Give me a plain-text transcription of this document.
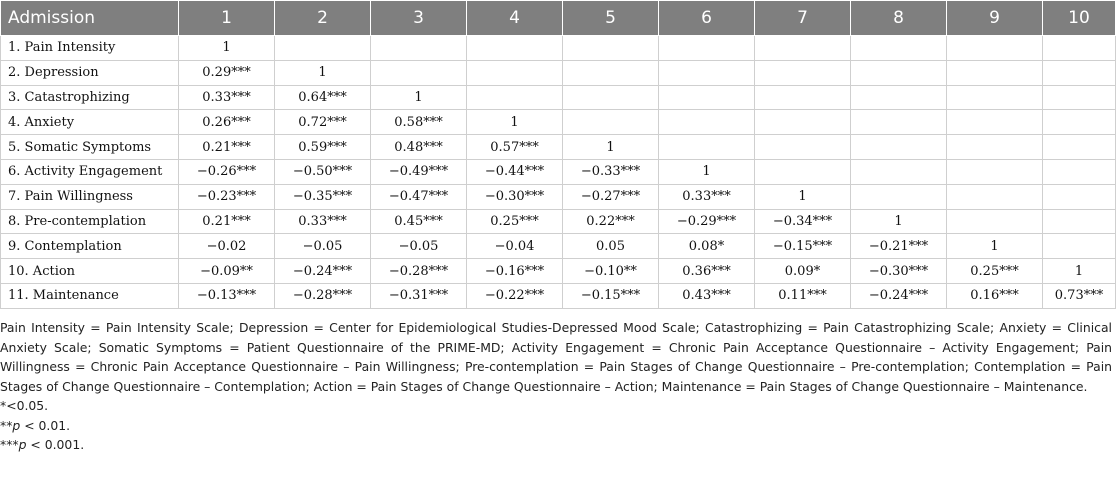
Admission	1	2	3	4	5	6	7	8	9	10
1. Pain Intensity	1									
2. Depression	0.29***	1								
3. Catastrophizing	0.33***	0.64***	1							
4. Anxiety	0.26***	0.72***	0.58***	1						
5. Somatic Symptoms	0.21***	0.59***	0.48***	0.57***	1					
6. Activity Engagement	−0.26***	−0.50***	−0.49***	−0.44***	−0.33***	1				
7. Pain Willingness	−0.23***	−0.35***	−0.47***	−0.30***	−0.27***	0.33***	1			
8. Pre-contemplation	0.21***	0.33***	0.45***	0.25***	0.22***	−0.29***	−0.34***	1		
9. Contemplation	−0.02	−0.05	−0.05	−0.04	0.05	0.08*	−0.15***	−0.21***	1	
10. Action	−0.09**	−0.24***	−0.28***	−0.16***	−0.10**	0.36***	0.09*	−0.30***	0.25***	1
11. Maintenance	−0.13***	−0.28***	−0.31***	−0.22***	−0.15***	0.43***	0.11***	−0.24***	0.16***	0.73***

Pain Intensity = Pain Intensity Scale; Depression = Center for Epidemiological Studies-Depressed Mood Scale; Catastrophizing = Pain Catastrophizing Scale; Anxiety = Clinical Anxiety Scale; Somatic Symptoms = Patient Questionnaire of the PRIME-MD; Activity Engagement = Chronic Pain Acceptance Questionnaire – Activity Engagement; Pain Willingness = Chronic Pain Acceptance Questionnaire – Pain Willingness; Pre-contemplation = Pain Stages of Change Questionnaire – Pre-contemplation; Contemplation = Pain Stages of Change Questionnaire – Contemplation; Action = Pain Stages of Change Questionnaire – Action; Maintenance = Pain Stages of Change Questionnaire – Maintenance.

*<0.05.

**p < 0.01.

***p < 0.001.
